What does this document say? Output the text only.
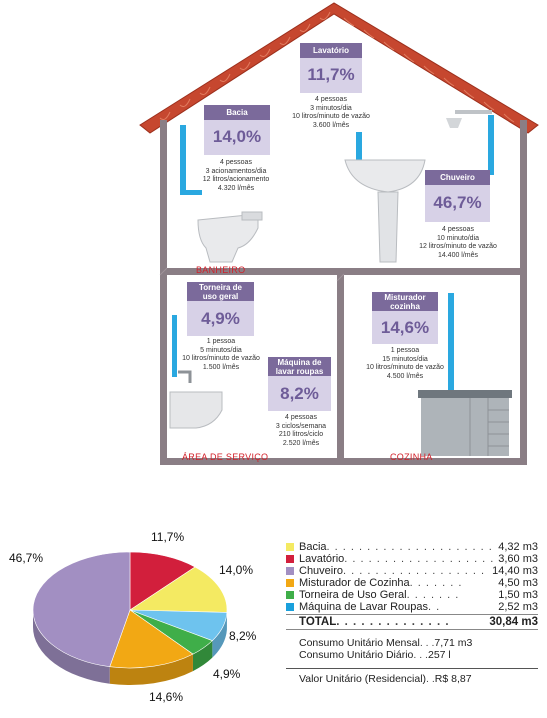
BANHEIRO
ÁREA DE SERVIÇO	COZINHA
Lavatório
11,7%
4 pessoas
3 minutos/dia
10 litros/minuto de vazão
3.600 l/mês
Bacia
14,0%
4 pessoas
3 acionamentos/dia
12 litros/acionamento
4.320 l/mês
Chuveiro
46,7%
4 pessoas
10 minuto/dia
12 litros/minuto de vazão
14.400 l/mês
Torneira de
uso geral
4,9%
1 pessoa
5 minutos/dia
10 litros/minuto de vazão
1.500 l/mês	Máquina de
lavar roupas
8,2%
4 pessoas
3 ciclos/semana
210 litros/ciclo
2.520 l/mês
Misturador
cozinha
14,6%
1 pessoa
15 minutos/dia
10 litros/minuto de vazão
4.500 l/mês
11,7%
14,0%
46,7%
8,2%
4,9%
14,6%
Bacia . . . . . . . . . . . . . . . . . . . . . 4,32 m3
Lavatório . . . . . . . . . . . . . . . . . . . 3,60 m3
Chuveiro . . . . . . . . . . . . . . . . . . 14,40 m3
Misturador de Cozinha . . . . . . .	4,50 m3
Torneira de Uso Geral . . . . . . .	1,50 m3
Máquina de Lavar Roupas . .	2,52 m3
TOTAL . . . . . . . . . . . . . .	30,84 m3
Consumo Unitário Mensal . . . 7,71 m3
Consumo Unitário Diário . . . 257 l
Valor Unitário (Residencial) . . R$ 8,87
